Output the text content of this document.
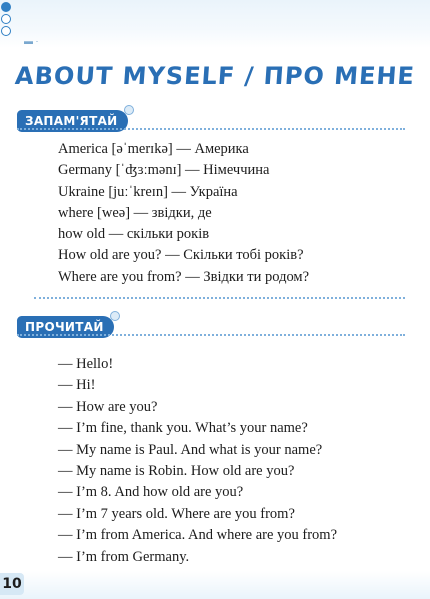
▬ ·
ABOUT MYSELF / ПРО МЕНЕ
ЗАПАМ'ЯТАЙ
America [əˈmerɪkə] — Америка
Germany [ˈʤɜːmənɪ] — Німеччина
Ukraine [juːˈkreɪn] — Україна
where [weə] — звідки, де
how old — скільки років
How old are you? — Скільки тобі років?
Where are you from? — Звідки ти родом?
ПРОЧИТАЙ
— Hello!
— Hi!
— How are you?
— I’m fine, thank you. What’s your name?
— My name is Paul. And what is your name?
— My name is Robin. How old are you?
— I’m 8. And how old are you?
— I’m 7 years old. Where are you from?
— I’m from America. And where are you from?
— I’m from Germany.
10
